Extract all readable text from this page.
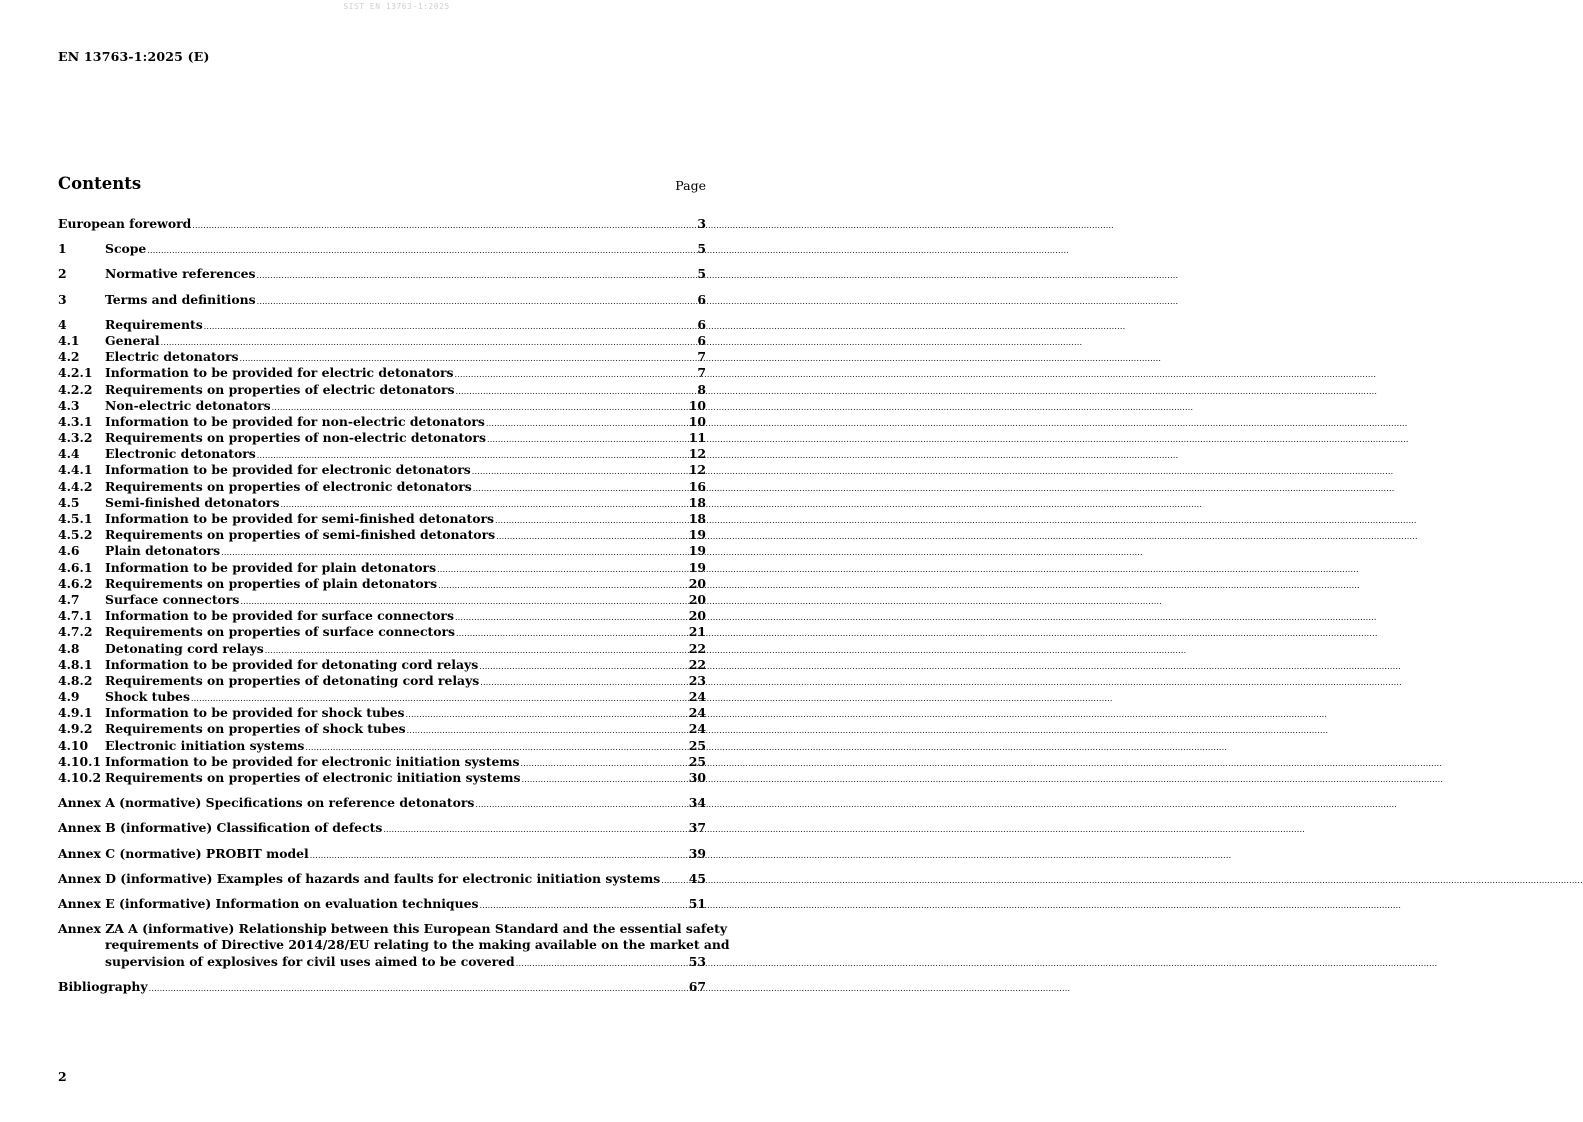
SIST EN 13763-1:2025
EN 13763-1:2025 (E)
Contents	Page
European foreword .....	3
1	Scope .....	5
2	Normative references .....	5
3	Terms and definitions .....	6
4	Requirements .....	6
4.1	General .....	6
4.2	Electric detonators .....	7
4.2.1	Information to be provided for electric detonators .....	7
4.2.2	Requirements on properties of electric detonators .....	8
4.3	Non-electric detonators .....	10
4.3.1	Information to be provided for non-electric detonators .....	10
4.3.2	Requirements on properties of non-electric detonators .....	11
4.4	Electronic detonators .....	12
4.4.1	Information to be provided for electronic detonators .....	12
4.4.2	Requirements on properties of electronic detonators .....	16
4.5	Semi-finished detonators .....	18
4.5.1	Information to be provided for semi-finished detonators .....	18
4.5.2	Requirements on properties of semi-finished detonators .....	19
4.6	Plain detonators .....	19
4.6.1	Information to be provided for plain detonators .....	19
4.6.2	Requirements on properties of plain detonators .....	20
4.7	Surface connectors .....	20
4.7.1	Information to be provided for surface connectors .....	20
4.7.2	Requirements on properties of surface connectors .....	21
4.8	Detonating cord relays .....	22
4.8.1	Information to be provided for detonating cord relays .....	22
4.8.2	Requirements on properties of detonating cord relays .....	23
4.9	Shock tubes .....	24
4.9.1	Information to be provided for shock tubes .....	24
4.9.2	Requirements on properties of shock tubes .....	24
4.10	Electronic initiation systems .....	25
4.10.1 Information to be provided for electronic initiation systems .....	25
4.10.2 Requirements on properties of electronic initiation systems .....	30
Annex A (normative) Specifications on reference detonators .....	34
Annex B (informative) Classification of defects .....	37
Annex C (normative) PROBIT model .....	39
Annex D (informative) Examples of hazards and faults for electronic initiation systems ..... 45
Annex E (informative) Information on evaluation techniques .....	51
Annex ZA A (informative) Relationship between this European Standard and the essential safety
requirements of Directive 2014/28/EU relating to the making available on the market and
supervision of explosives for civil uses aimed to be covered .....	53
Bibliography .....	67
2
